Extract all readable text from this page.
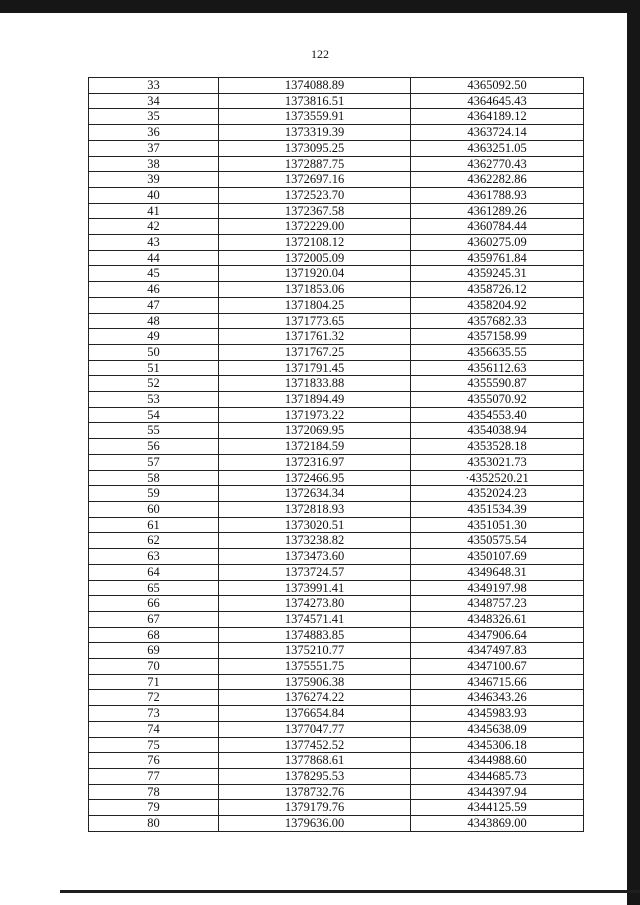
122
33	1374088.89	4365092.50
34	1373816.51	4364645.43
35	1373559.91	4364189.12
36	1373319.39	4363724.14
37	1373095.25	4363251.05
38	1372887.75	4362770.43
39	1372697.16	4362282.86
40	1372523.70	4361788.93
41	1372367.58	4361289.26
42	1372229.00	4360784.44
43	1372108.12	4360275.09
44	1372005.09	4359761.84
45	1371920.04	4359245.31
46	1371853.06	4358726.12
47	1371804.25	4358204.92
48	1371773.65	4357682.33
49	1371761.32	4357158.99
50	1371767.25	4356635.55
51	1371791.45	4356112.63
52	1371833.88	4355590.87
53	1371894.49	4355070.92
54	1371973.22	4354553.40
55	1372069.95	4354038.94
56	1372184.59	4353528.18
57	1372316.97	4353021.73
58	1372466.95	·4352520.21
59	1372634.34	4352024.23
60	1372818.93	4351534.39
61	1373020.51	4351051.30
62	1373238.82	4350575.54
63	1373473.60	4350107.69
64	1373724.57	4349648.31
65	1373991.41	4349197.98
66	1374273.80	4348757.23
67	1374571.41	4348326.61
68	1374883.85	4347906.64
69	1375210.77	4347497.83
70	1375551.75	4347100.67
71	1375906.38	4346715.66
72	1376274.22	4346343.26
73	1376654.84	4345983.93
74	1377047.77	4345638.09
75	1377452.52	4345306.18
76	1377868.61	4344988.60
77	1378295.53	4344685.73
78	1378732.76	4344397.94
79	1379179.76	4344125.59
80	1379636.00	4343869.00
